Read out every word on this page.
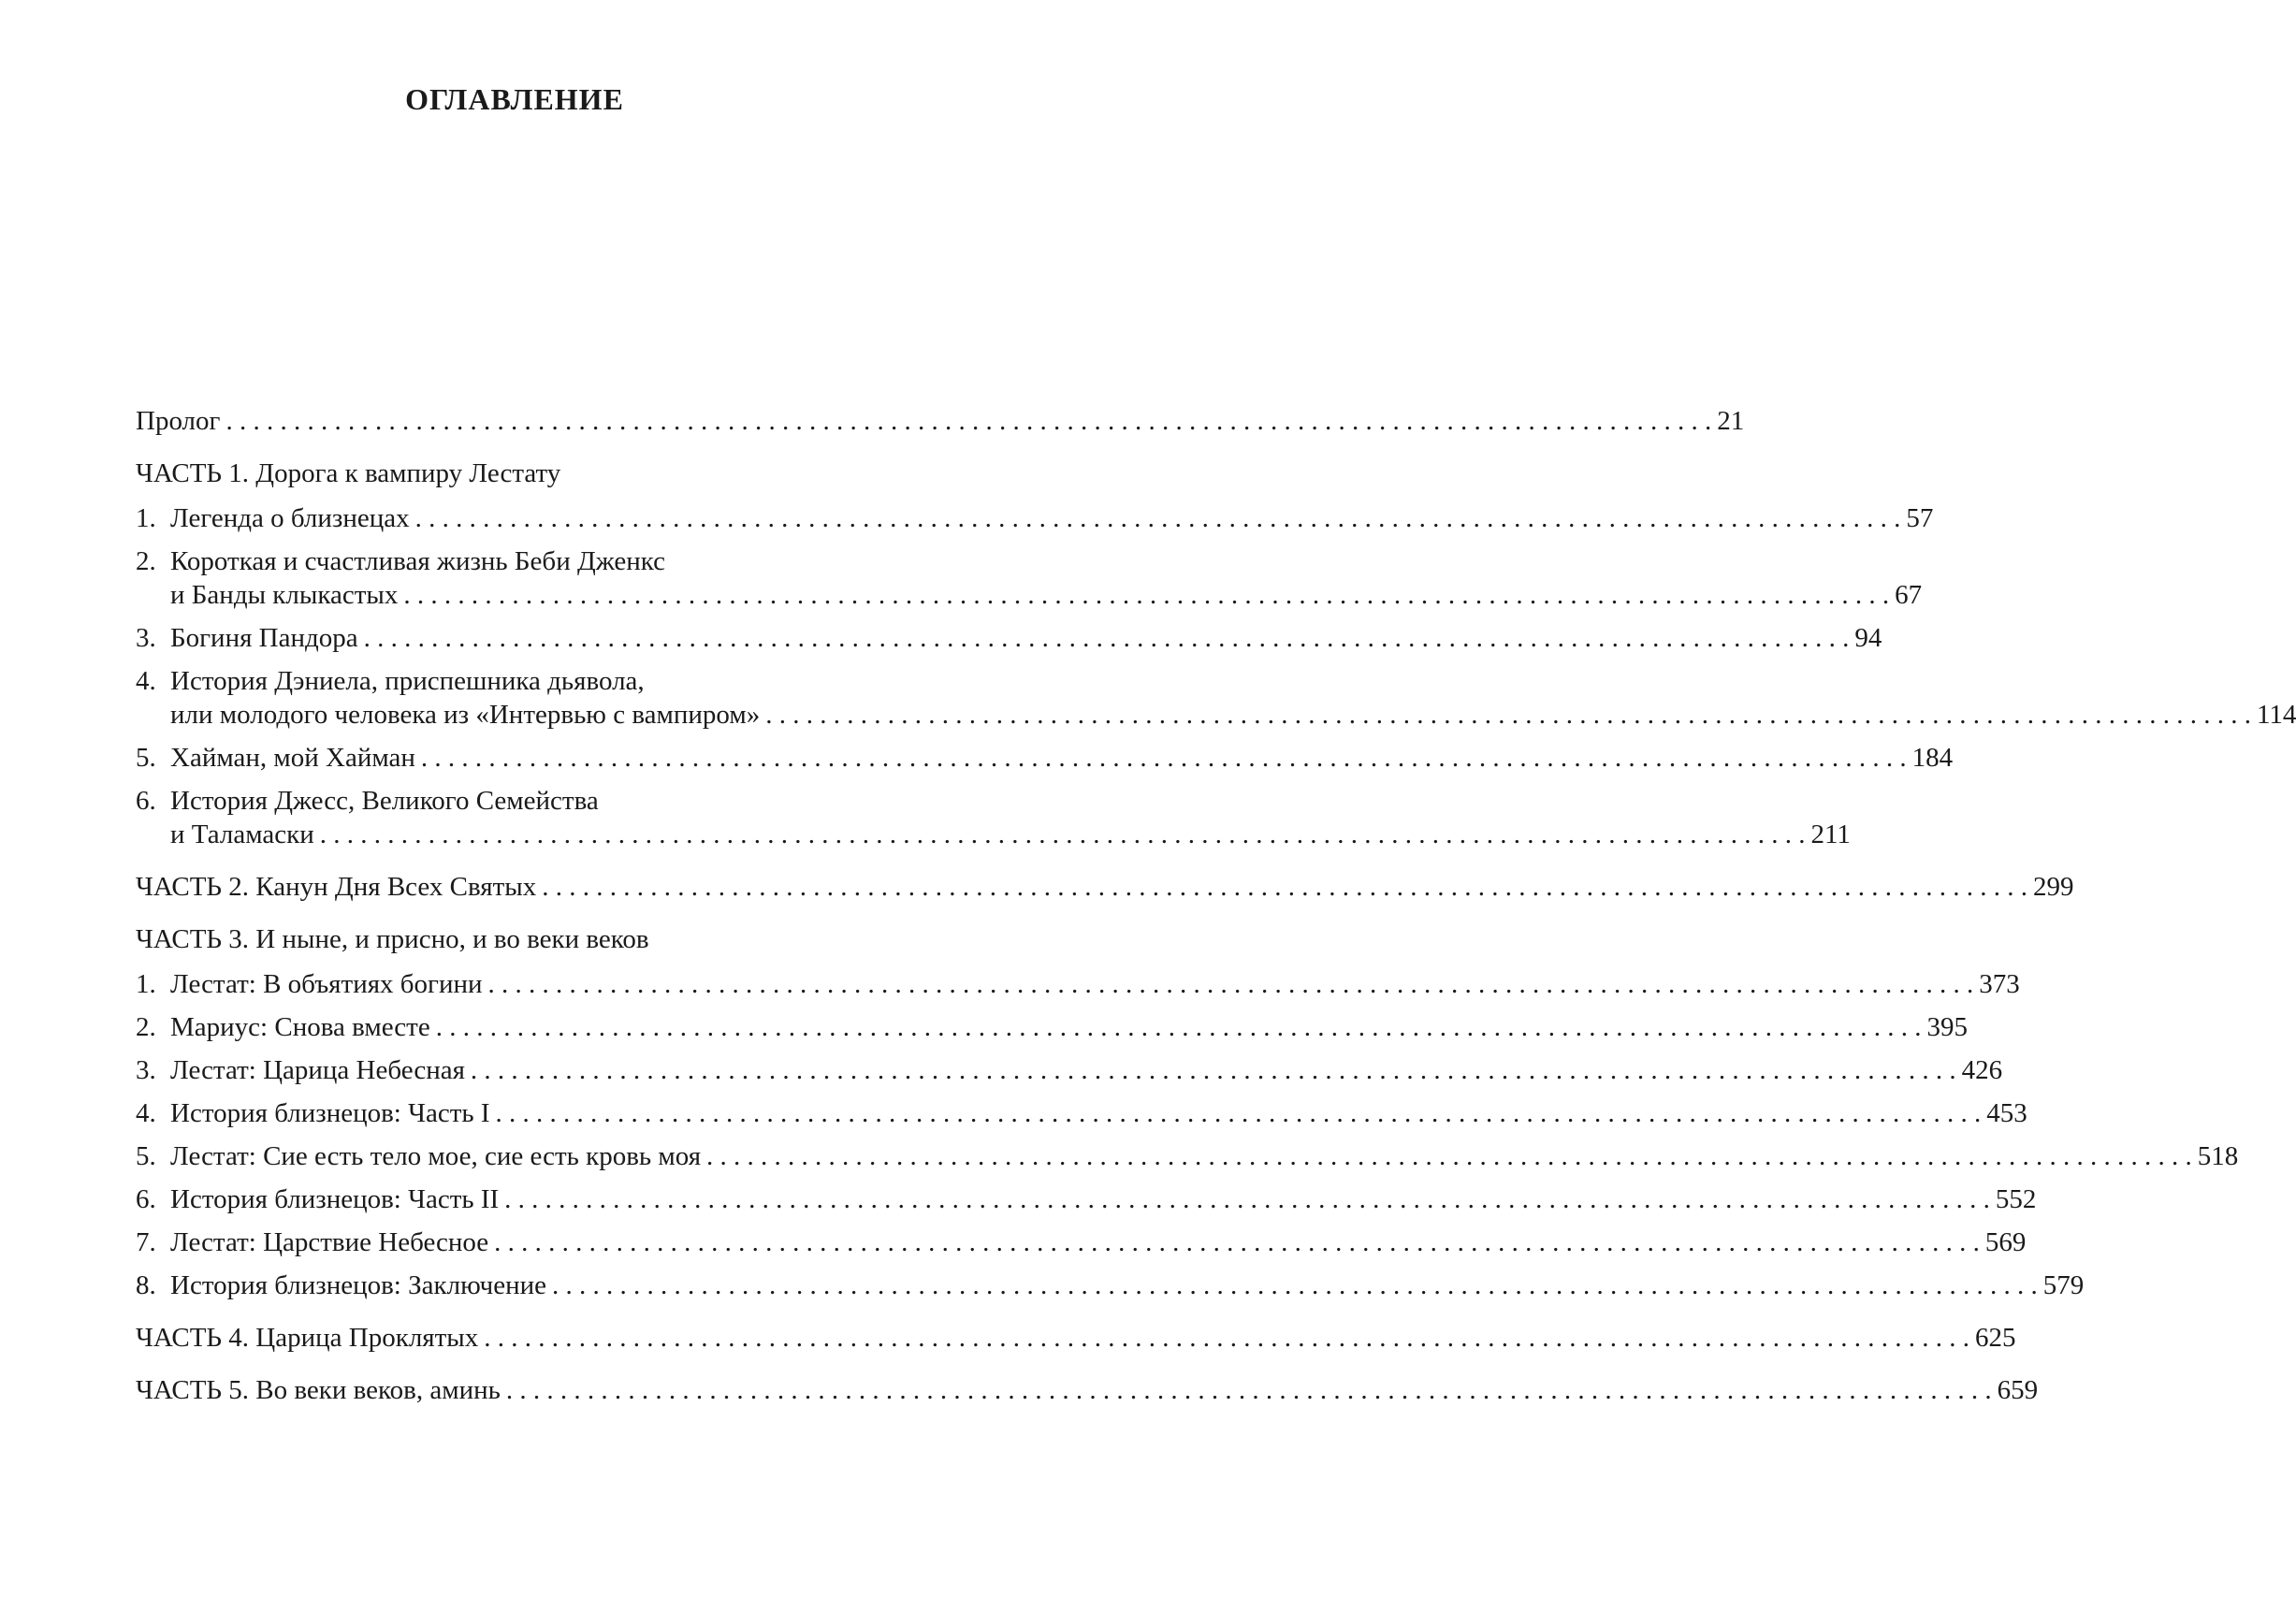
ОГЛАВЛЕНИЕ
Пролог . . .	21
ЧАСТЬ 1. Дорога к вампиру Лестату
1. Легенда о близнецах . . .	57
2. Короткая и счастливая жизнь Беби Дженкс
и Банды клыкастых . . .	67
3. Богиня Пандора . . .	94
4. История Дэниела, приспешника дьявола,
или молодого человека из «Интервью с вампиром» . . .	114
5. Хайман, мой Хайман . . .	184
6. История Джесс, Великого Семейства
и Таламаски . . .	211
ЧАСТЬ 2. Канун Дня Всех Святых . . .	299
ЧАСТЬ 3. И ныне, и присно, и во веки веков
1. Лестат: В объятиях богини . . .	373
2. Мариус: Снова вместе . . .	395
3. Лестат: Царица Небесная . . .	426
4. История близнецов: Часть I . . .	453
5. Лестат: Сие есть тело мое, сие есть кровь моя . . .	518
6. История близнецов: Часть II . . .	552
7. Лестат: Царствие Небесное . . .	569
8. История близнецов: Заключение . . .	579
ЧАСТЬ 4. Царица Проклятых . . .	625
ЧАСТЬ 5. Во веки веков, аминь . . .	659
